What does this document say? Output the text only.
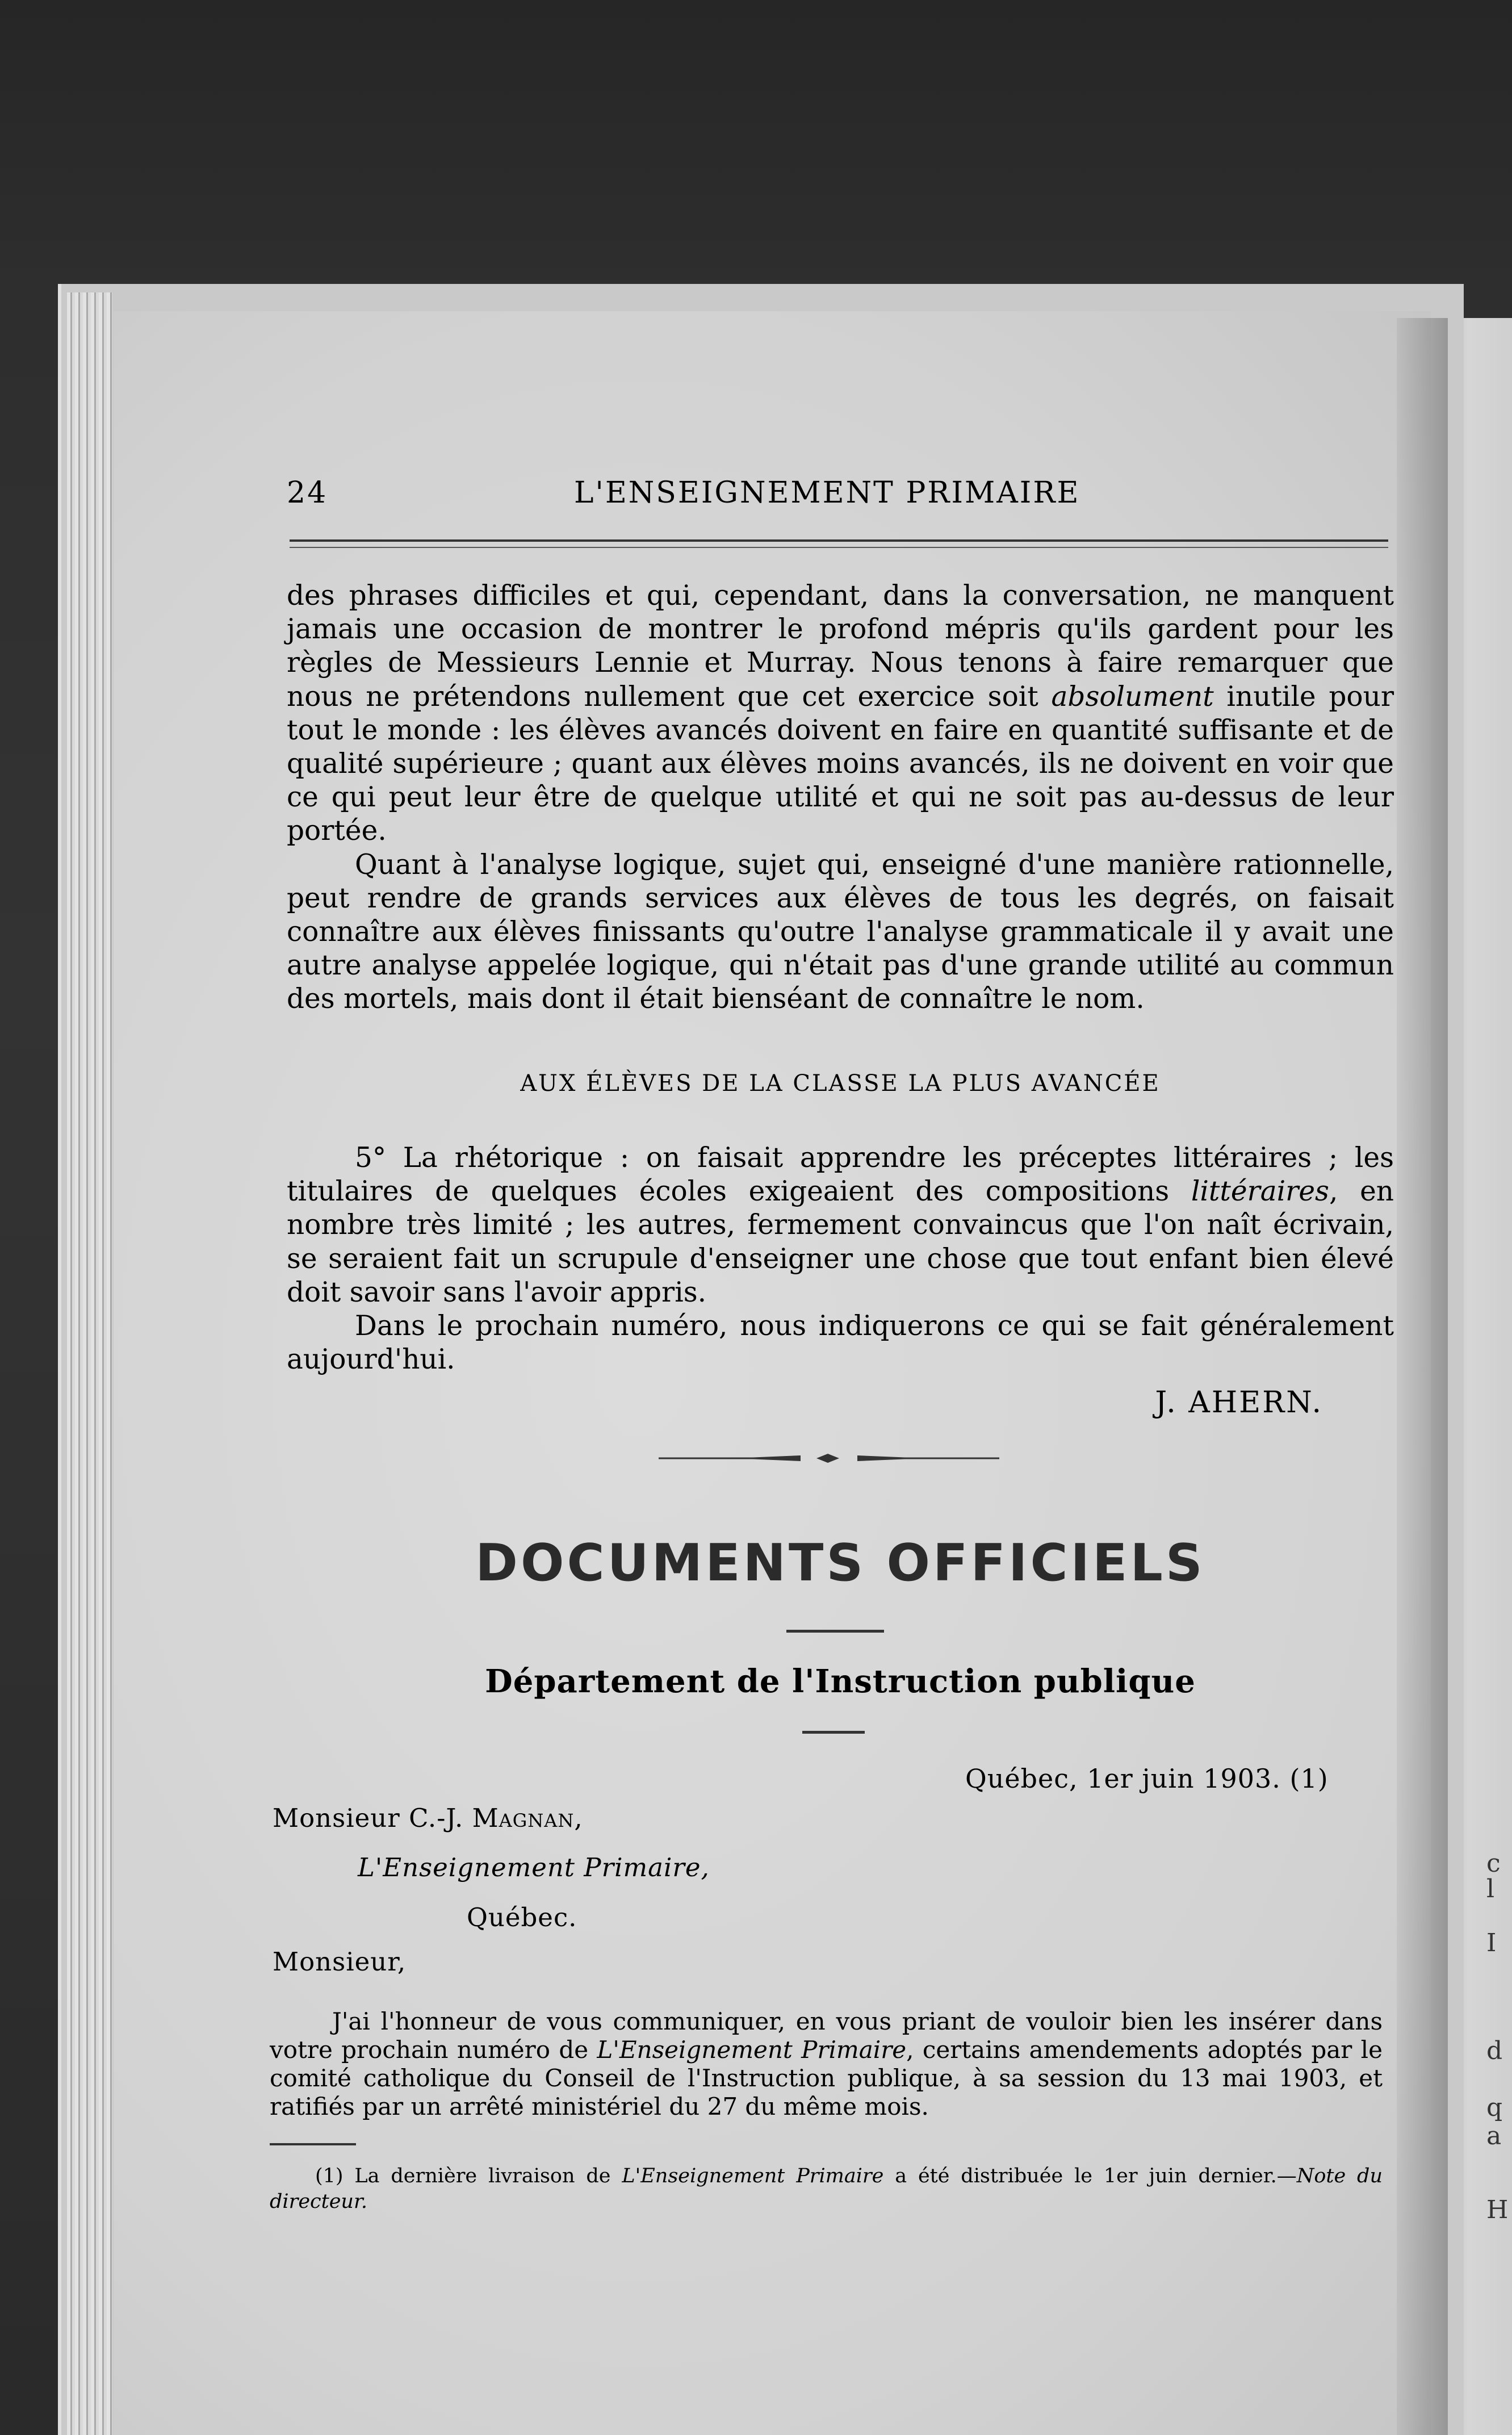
c
l
I
d
q
a
H
24	L'ENSEIGNEMENT PRIMAIRE

des phrases difficiles et qui, cependant, dans la conversation, ne manquent jamais une occasion de montrer le profond mépris qu'ils gardent pour les règles de Messieurs Lennie et Murray. Nous tenons à faire remarquer que nous ne prétendons nullement que cet exercice soit absolument inutile pour tout le monde : les élèves avancés doivent en faire en quantité suffisante et de qualité supérieure ; quant aux élèves moins avancés, ils ne doivent en voir que ce qui peut leur être de quelque utilité et qui ne soit pas au-dessus de leur portée.

Quant à l'analyse logique, sujet qui, enseigné d'une manière rationnelle, peut rendre de grands services aux élèves de tous les degrés, on faisait connaître aux élèves finissants qu'outre l'analyse grammaticale il y avait une autre analyse appelée logique, qui n'était pas d'une grande utilité au commun des mortels, mais dont il était bienséant de connaître le nom.

AUX ÉLÈVES DE LA CLASSE LA PLUS AVANCÉE

5° La rhétorique : on faisait apprendre les préceptes littéraires ; les titulaires de quelques écoles exigeaient des compositions littéraires, en nombre très limité ; les autres, fermement convaincus que l'on naît écrivain, se seraient fait un scrupule d'enseigner une chose que tout enfant bien élevé doit savoir sans l'avoir appris.

Dans le prochain numéro, nous indiquerons ce qui se fait généralement aujourd'hui.

J. AHERN.
DOCUMENTS OFFICIELS
Département de l'Instruction publique
Québec, 1er juin 1903. (1)
Monsieur C.-J. Magnan,
L'Enseignement Primaire,
Québec.
Monsieur,

J'ai l'honneur de vous communiquer, en vous priant de vouloir bien les insérer dans votre prochain numéro de L'Enseignement Primaire, certains amendements adoptés par le comité catholique du Conseil de l'Instruction publique, à sa session du 13 mai 1903, et ratifiés par un arrêté ministériel du 27 du même mois.

(1) La dernière livraison de L'Enseignement Primaire a été distribuée le 1er juin dernier.—Note du directeur.
